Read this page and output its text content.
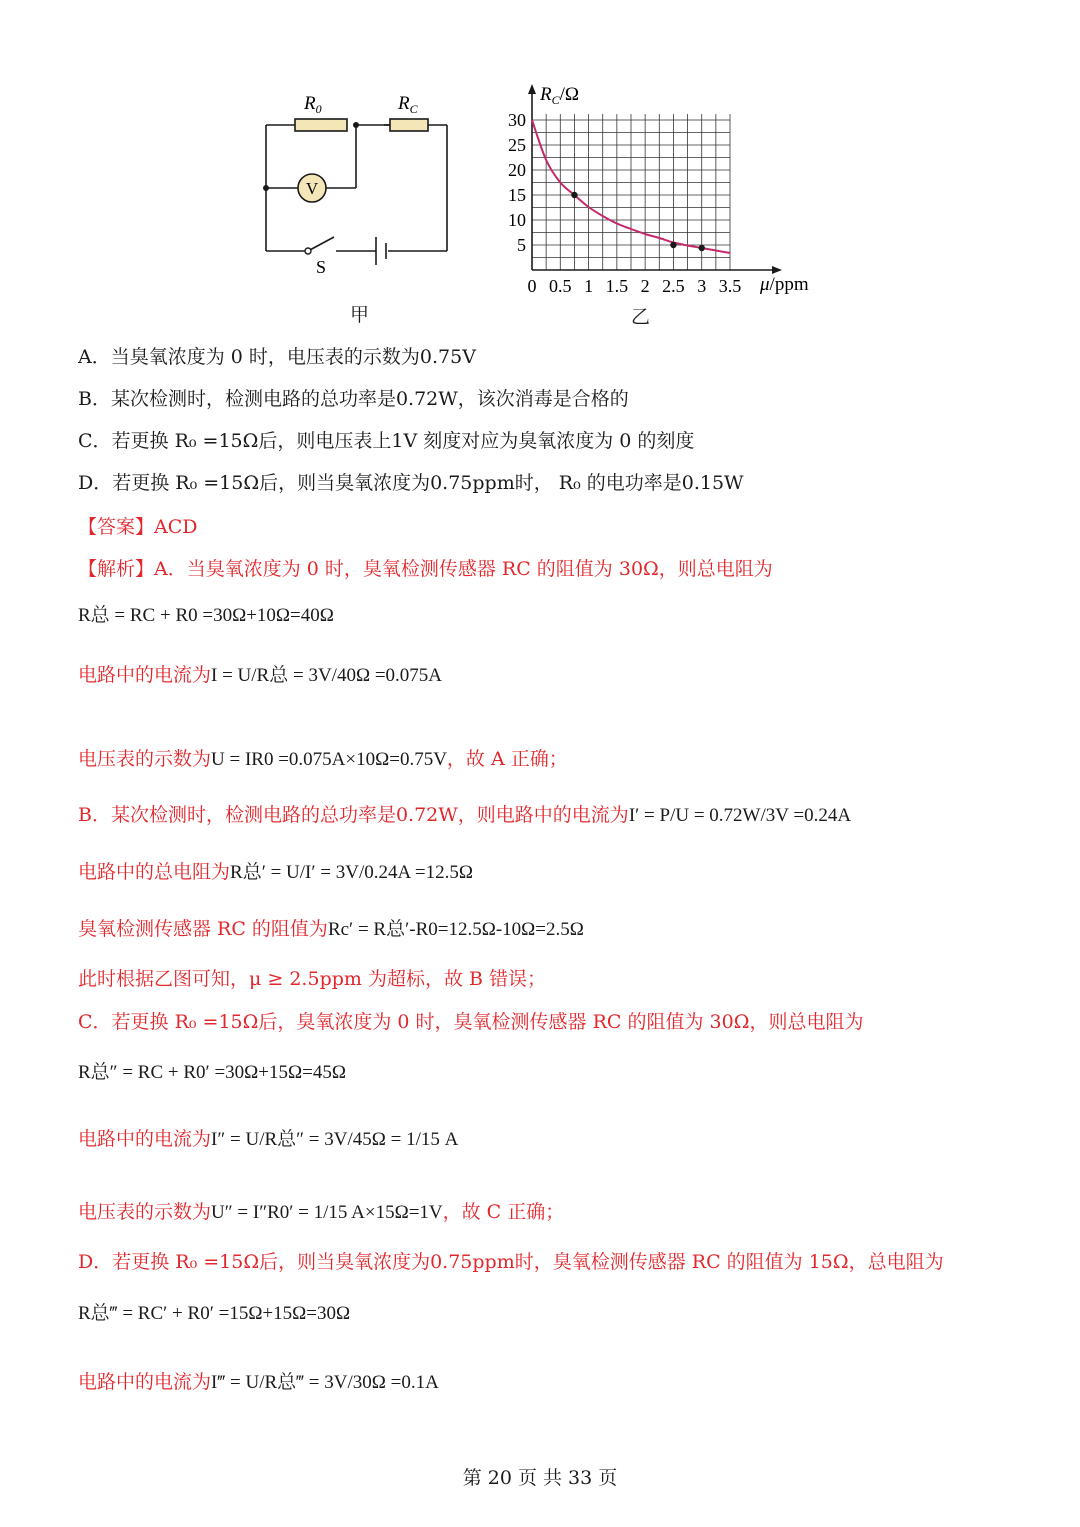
V
$R_0$	$R_C$
S
甲
30
25
20
15
10
5
0 0.5 1 1.5 2 2.5 3 3.5
$R_C/\Omega$
μ/ppm
乙
A．当臭氧浓度为 0 时，电压表的示数为0.75V
B．某次检测时，检测电路的总功率是0.72W，该次消毒是合格的
C．若更换 R₀ =15Ω后，则电压表上1V 刻度对应为臭氧浓度为 0 的刻度
D．若更换 R₀ =15Ω后，则当臭氧浓度为0.75ppm时， R₀ 的电功率是0.15W
【答案】ACD
【解析】A．当臭氧浓度为 0 时，臭氧检测传感器 RC 的阻值为 30Ω，则总电阻为
R总 = RC + R0 =30Ω+10Ω=40Ω
电路中的电流为I = U/R总 = 3V/40Ω =0.075A
电压表的示数为U = IR0 =0.075A×10Ω=0.75V，故 A 正确；
B．某次检测时，检测电路的总功率是0.72W，则电路中的电流为I′ = P/U = 0.72W/3V =0.24A
电路中的总电阻为R总′ = U/I′ = 3V/0.24A =12.5Ω
臭氧检测传感器 RC 的阻值为Rc′ = R总′-R0=12.5Ω-10Ω=2.5Ω
此时根据乙图可知，μ ≥ 2.5ppm 为超标，故 B 错误；
C．若更换 R₀ =15Ω后，臭氧浓度为 0 时，臭氧检测传感器 RC 的阻值为 30Ω，则总电阻为
R总″ = RC + R0′ =30Ω+15Ω=45Ω
电路中的电流为I″ = U/R总″ = 3V/45Ω = 1/15 A
电压表的示数为U″ = I″R0′ = 1/15 A×15Ω=1V，故 C 正确；
D．若更换 R₀ =15Ω后，则当臭氧浓度为0.75ppm时，臭氧检测传感器 RC 的阻值为 15Ω，总电阻为
R总‴ = RC′ + R0′ =15Ω+15Ω=30Ω
电路中的电流为I‴ = U/R总‴ = 3V/30Ω =0.1A
第 20 页 共 33 页
